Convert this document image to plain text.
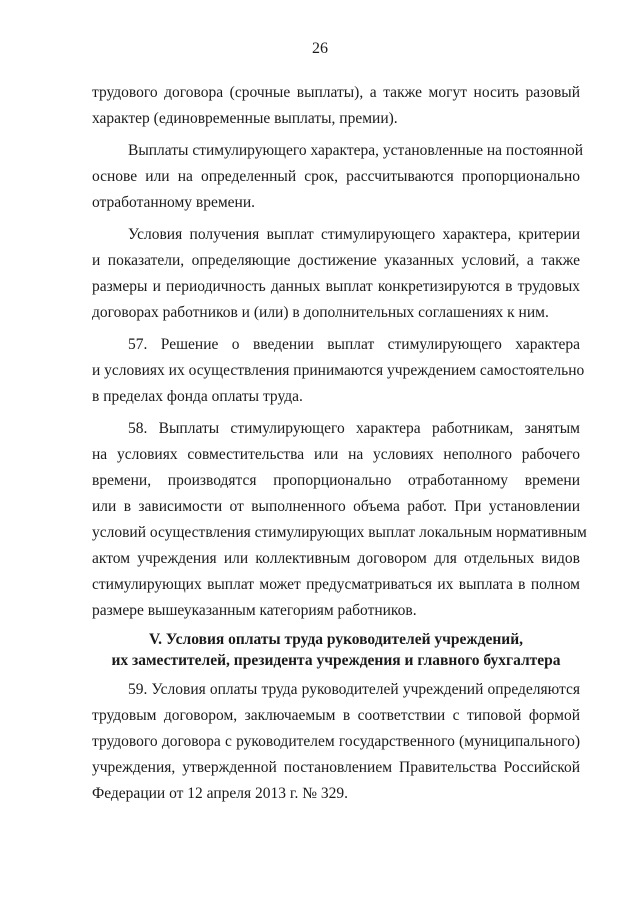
26
трудового договора (срочные выплаты), а также могут носить разовый
характер (единовременные выплаты, премии).
Выплаты стимулирующего характера, установленные на постоянной
основе или на определенный срок, рассчитываются пропорционально
отработанному времени.
Условия получения выплат стимулирующего характера, критерии
и показатели, определяющие достижение указанных условий, а также
размеры и периодичность данных выплат конкретизируются в трудовых
договорах работников и (или) в дополнительных соглашениях к ним.
57. Решение о введении выплат стимулирующего характера
и условиях их осуществления принимаются учреждением самостоятельно
в пределах фонда оплаты труда.
58. Выплаты стимулирующего характера работникам, занятым
на условиях совместительства или на условиях неполного рабочего
времени, производятся пропорционально отработанному времени
или в зависимости от выполненного объема работ. При установлении
условий осуществления стимулирующих выплат локальным нормативным
актом учреждения или коллективным договором для отдельных видов
стимулирующих выплат может предусматриваться их выплата в полном
размере вышеуказанным категориям работников.
V. Условия оплаты труда руководителей учреждений,
их заместителей, президента учреждения и главного бухгалтера
59. Условия оплаты труда руководителей учреждений определяются
трудовым договором, заключаемым в соответствии с типовой формой
трудового договора с руководителем государственного (муниципального)
учреждения, утвержденной постановлением Правительства Российской
Федерации от 12 апреля 2013 г. № 329.
